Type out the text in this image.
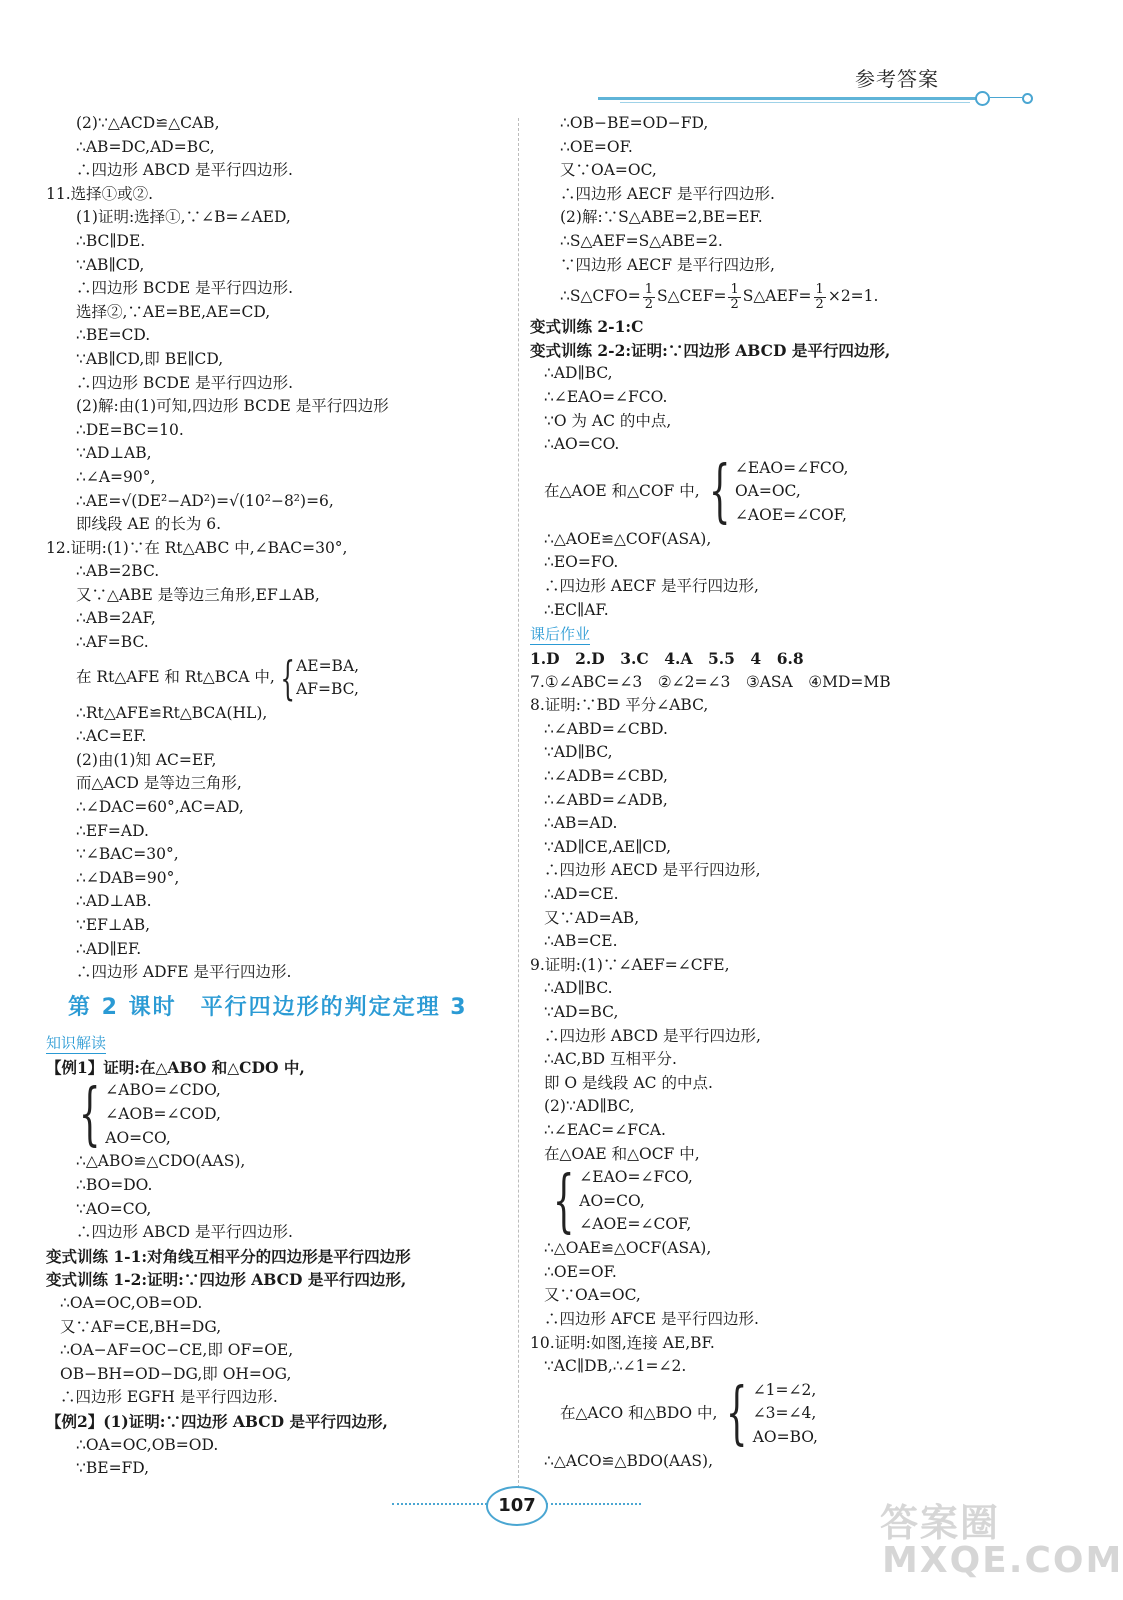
参考答案
(2)∵△ACD≌△CAB,
∴AB=DC,AD=BC,
∴四边形 ABCD 是平行四边形.
11.选择①或②.
(1)证明:选择①,∵∠B=∠AED,
∴BC∥DE.
∵AB∥CD,
∴四边形 BCDE 是平行四边形.
选择②,∵AE=BE,AE=CD,
∴BE=CD.
∵AB∥CD,即 BE∥CD,
∴四边形 BCDE 是平行四边形.
(2)解:由(1)可知,四边形 BCDE 是平行四边形
∴DE=BC=10.
∵AD⊥AB,
∴∠A=90°,
∴AE=√(DE²−AD²)=√(10²−8²)=6,
即线段 AE 的长为 6.
12.证明:(1)∵在 Rt△ABC 中,∠BAC=30°,
∴AB=2BC.
又∵△ABE 是等边三角形,EF⊥AB,
∴AB=2AF,
∴AF=BC.
在 Rt△AFE 和 Rt△BCA 中, { AE=BA,
AF=BC,
∴Rt△AFE≌Rt△BCA(HL),
∴AC=EF.
(2)由(1)知 AC=EF,
而△ACD 是等边三角形,
∴∠DAC=60°,AC=AD,
∴EF=AD.
∵∠BAC=30°,
∴∠DAB=90°,
∴AD⊥AB.
∵EF⊥AB,
∴AD∥EF.
∴四边形 ADFE 是平行四边形.
第 2 课时　平行四边形的判定定理 3
知识解读
【例1】证明:在△ABO 和△CDO 中,
{ ∠ABO=∠CDO,
∠AOB=∠COD,
AO=CO,
∴△ABO≌△CDO(AAS),
∴BO=DO.
∵AO=CO,
∴四边形 ABCD 是平行四边形.
变式训练 1-1:对角线互相平分的四边形是平行四边形
变式训练 1-2:证明:∵四边形 ABCD 是平行四边形,
∴OA=OC,OB=OD.
又∵AF=CE,BH=DG,
∴OA−AF=OC−CE,即 OF=OE,
OB−BH=OD−DG,即 OH=OG,
∴四边形 EGFH 是平行四边形.
【例2】(1)证明:∵四边形 ABCD 是平行四边形,
∴OA=OC,OB=OD.
∵BE=FD,
∴OB−BE=OD−FD,
∴OE=OF.
又∵OA=OC,
∴四边形 AECF 是平行四边形.
(2)解:∵S△ABE=2,BE=EF.
∴S△AEF=S△ABE=2.
∵四边形 AECF 是平行四边形,
∴S△CFO= $\frac{1}{2}$ S△CEF= $\frac{1}{2}$ S△AEF= $\frac{1}{2} \times 2=1$.
变式训练 2-1:C
变式训练 2-2:证明:∵四边形 ABCD 是平行四边形,
∴AD∥BC,
∴∠EAO=∠FCO.
∵O 为 AC 的中点,
∴AO=CO.
在△AOE 和△COF 中, { ∠EAO=∠FCO,
OA=OC,
∠AOE=∠COF,
∴△AOE≌△COF(ASA),
∴EO=FO.
∴四边形 AECF 是平行四边形,
∴EC∥AF.
课后作业
1.D　2.D　3.C　4.A　5.5　4　6.8
7.①∠ABC=∠3　②∠2=∠3　③ASA　④MD=MB
8.证明:∵BD 平分∠ABC,
∴∠ABD=∠CBD.
∵AD∥BC,
∴∠ADB=∠CBD,
∴∠ABD=∠ADB,
∴AB=AD.
∵AD∥CE,AE∥CD,
∴四边形 AECD 是平行四边形,
∴AD=CE.
又∵AD=AB,
∴AB=CE.
9.证明:(1)∵∠AEF=∠CFE,
∴AD∥BC.
∵AD=BC,
∴四边形 ABCD 是平行四边形,
∴AC,BD 互相平分.
即 O 是线段 AC 的中点.
(2)∵AD∥BC,
∴∠EAC=∠FCA.
在△OAE 和△OCF 中,
{ ∠EAO=∠FCO,
AO=CO,
∠AOE=∠COF,
∴△OAE≌△OCF(ASA),
∴OE=OF.
又∵OA=OC,
∴四边形 AFCE 是平行四边形.
10.证明:如图,连接 AE,BF.
∵AC∥DB,∴∠1=∠2.
在△ACO 和△BDO 中, { ∠1=∠2,
∠3=∠4,
AO=BO,
∴△ACO≌△BDO(AAS),
107	答案圈
MXQE.COM
